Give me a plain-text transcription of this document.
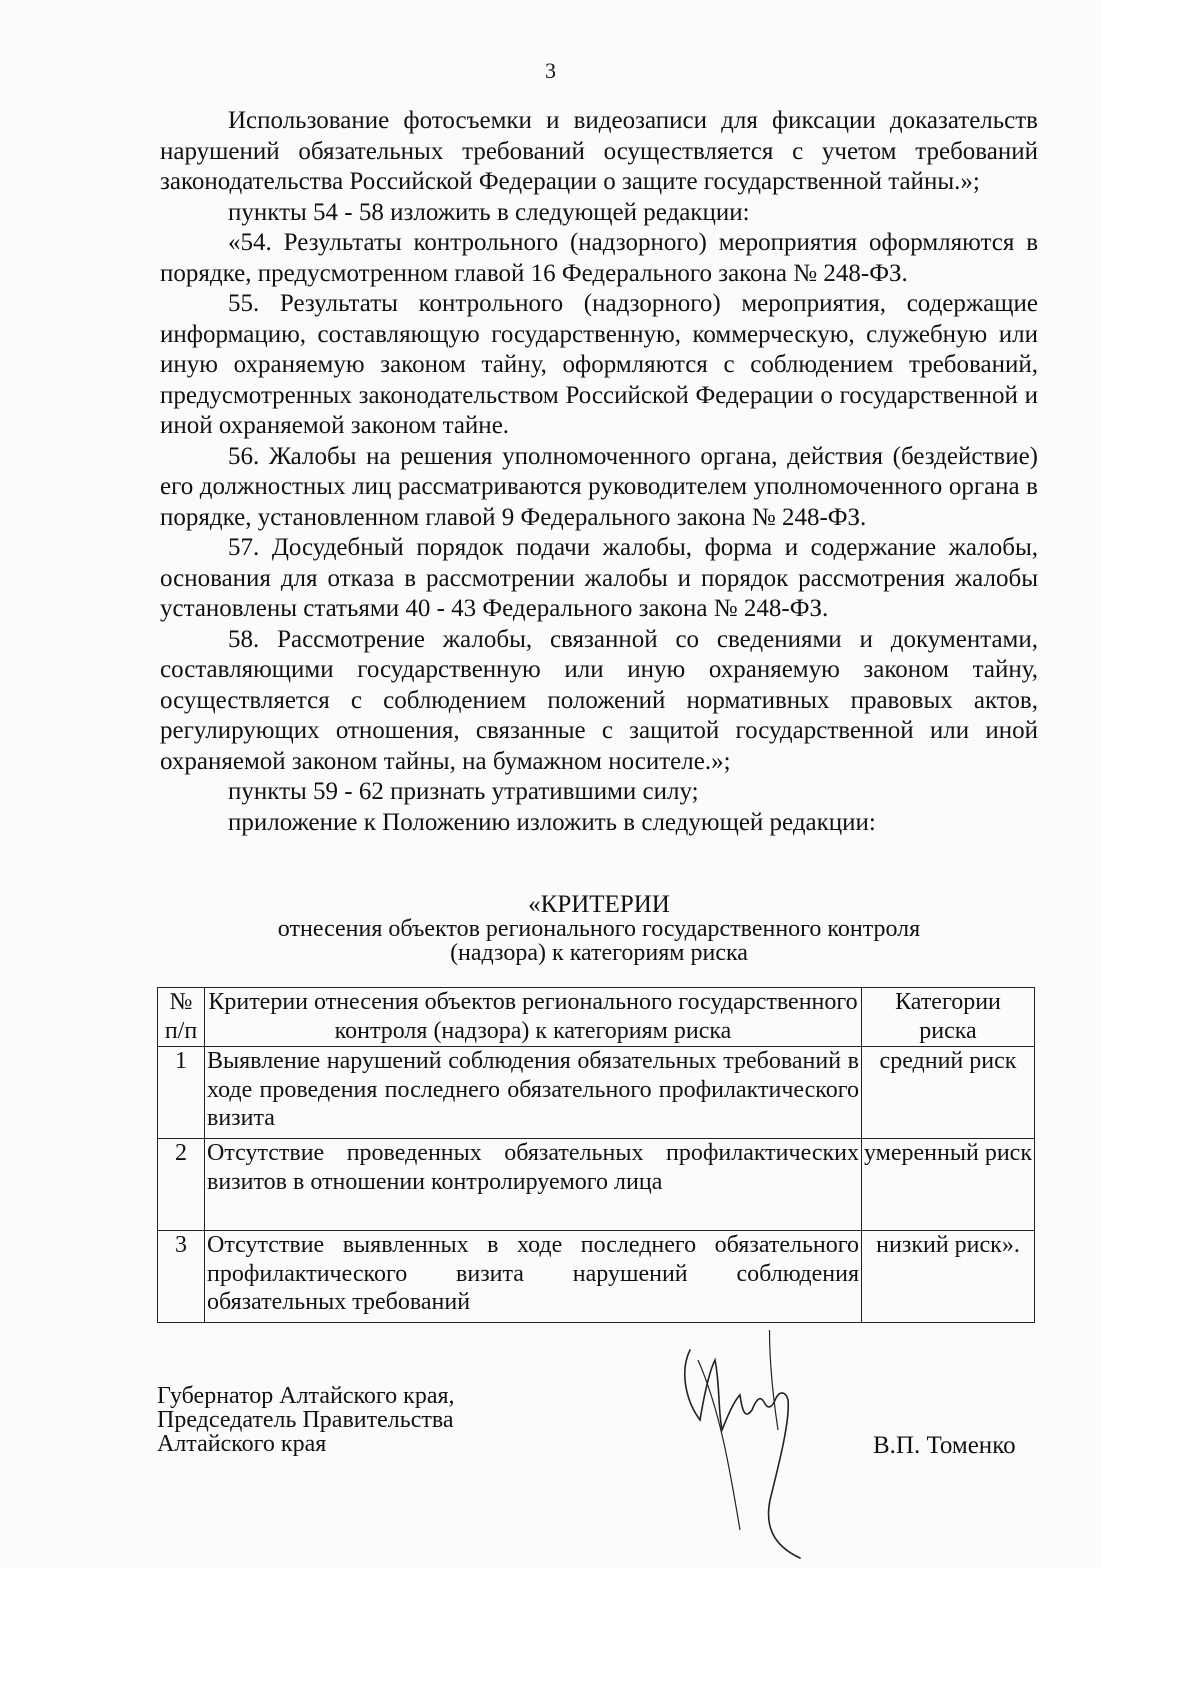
3

Использование фотосъемки и видеозаписи для фиксации доказательств нарушений обязательных требований осуществляется с учетом требований законодательства Российской Федерации о защите государственной тайны.»;

пункты 54 - 58 изложить в следующей редакции:

«54. Результаты контрольного (надзорного) мероприятия оформляются в порядке, предусмотренном главой 16 Федерального закона № 248-ФЗ.

55. Результаты контрольного (надзорного) мероприятия, содержащие информацию, составляющую государственную, коммерческую, служебную или иную охраняемую законом тайну, оформляются с соблюдением требований, предусмотренных законодательством Российской Федерации о государственной и иной охраняемой законом тайне.

56. Жалобы на решения уполномоченного органа, действия (бездействие) его должностных лиц рассматриваются руководителем уполномоченного органа в порядке, установленном главой 9 Федерального закона № 248-ФЗ.

57. Досудебный порядок подачи жалобы, форма и содержание жалобы, основания для отказа в рассмотрении жалобы и порядок рассмотрения жалобы установлены статьями 40 - 43 Федерального закона № 248-ФЗ.

58. Рассмотрение жалобы, связанной со сведениями и документами, составляющими государственную или иную охраняемую законом тайну, осуществляется с соблюдением положений нормативных правовых актов, регулирующих отношения, связанные с защитой государственной или иной охраняемой законом тайны, на бумажном носителе.»;

пункты 59 - 62 признать утратившими силу;

приложение к Положению изложить в следующей редакции:

«КРИТЕРИИ
отнесения объектов регионального государственного контроля
(надзора) к категориям риска
№ п/п	Критерии отнесения объектов регионального государственного контроля (надзора) к категориям риска	Категории риска
1	Выявление нарушений соблюдения обязательных требований в ходе проведения последнего обязательного профилактического визита	средний риск
2	Отсутствие проведенных обязательных профилактических визитов в отношении контролируемого лица	умеренный риск
3	Отсутствие выявленных в ходе последнего обязательного профилактического визита нарушений соблюдения обязательных требований	низкий риск».
Губернатор Алтайского края,
Председатель Правительства
Алтайского края	В.П. Томенко
